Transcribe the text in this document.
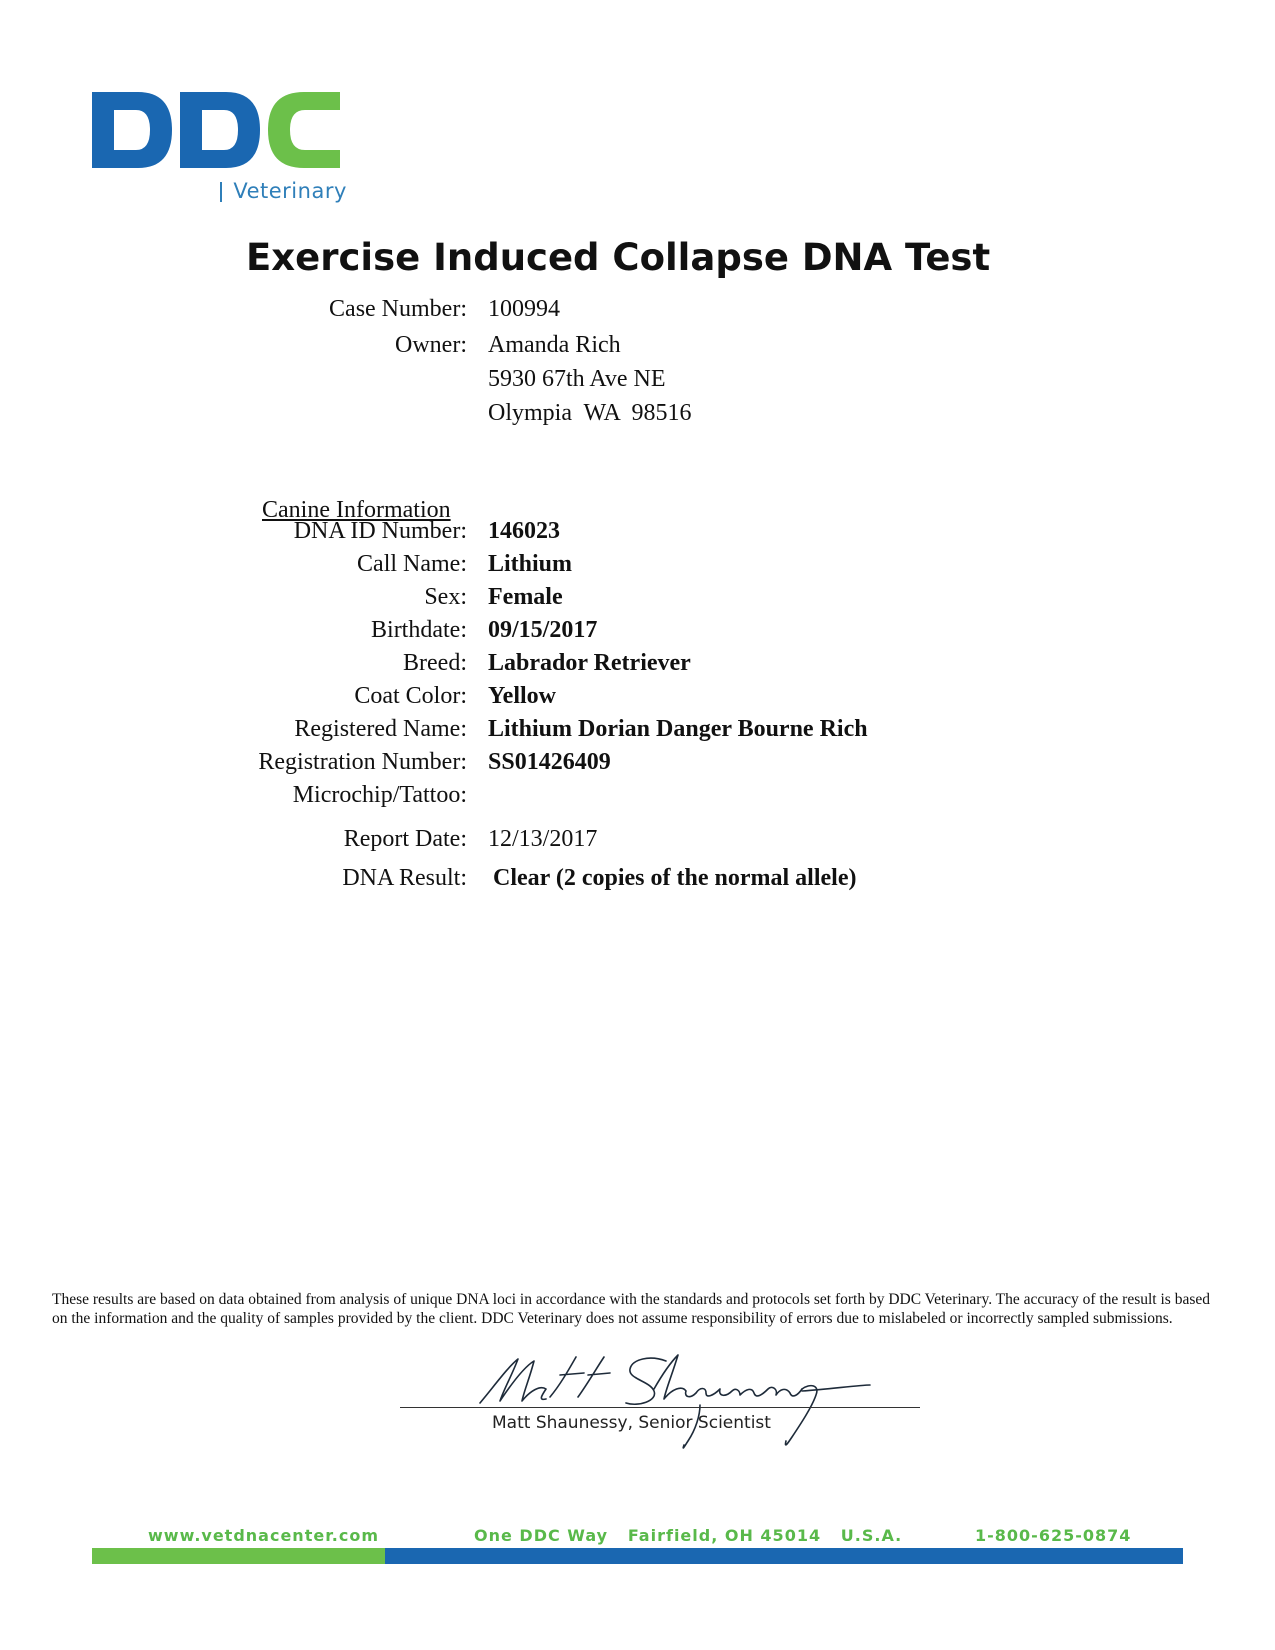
Veterinary
Exercise Induced Collapse DNA Test
Case Number: 100994
Owner: Amanda Rich
5930 67th Ave NE
Olympia  WA  98516
Canine Information
DNA ID Number: 146023
Call Name: Lithium
Sex: Female
Birthdate: 09/15/2017
Breed: Labrador Retriever
Coat Color: Yellow
Registered Name: Lithium Dorian Danger Bourne Rich
Registration Number: SS01426409
Microchip/Tattoo:
Report Date: 12/13/2017
DNA Result: Clear (2 copies of the normal allele)
These results are based on data obtained from analysis of unique DNA loci in accordance with the standards and protocols set forth by DDC Veterinary. The accuracy of the result is based on the information and the quality of samples provided by the client. DDC Veterinary does not assume responsibility of errors due to mislabeled or incorrectly sampled submissions.
Matt Shaunessy, Senior Scientist
www.vetdnacenter.com	One DDC Way   Fairfield, OH 45014   U.S.A.	1-800-625-0874
